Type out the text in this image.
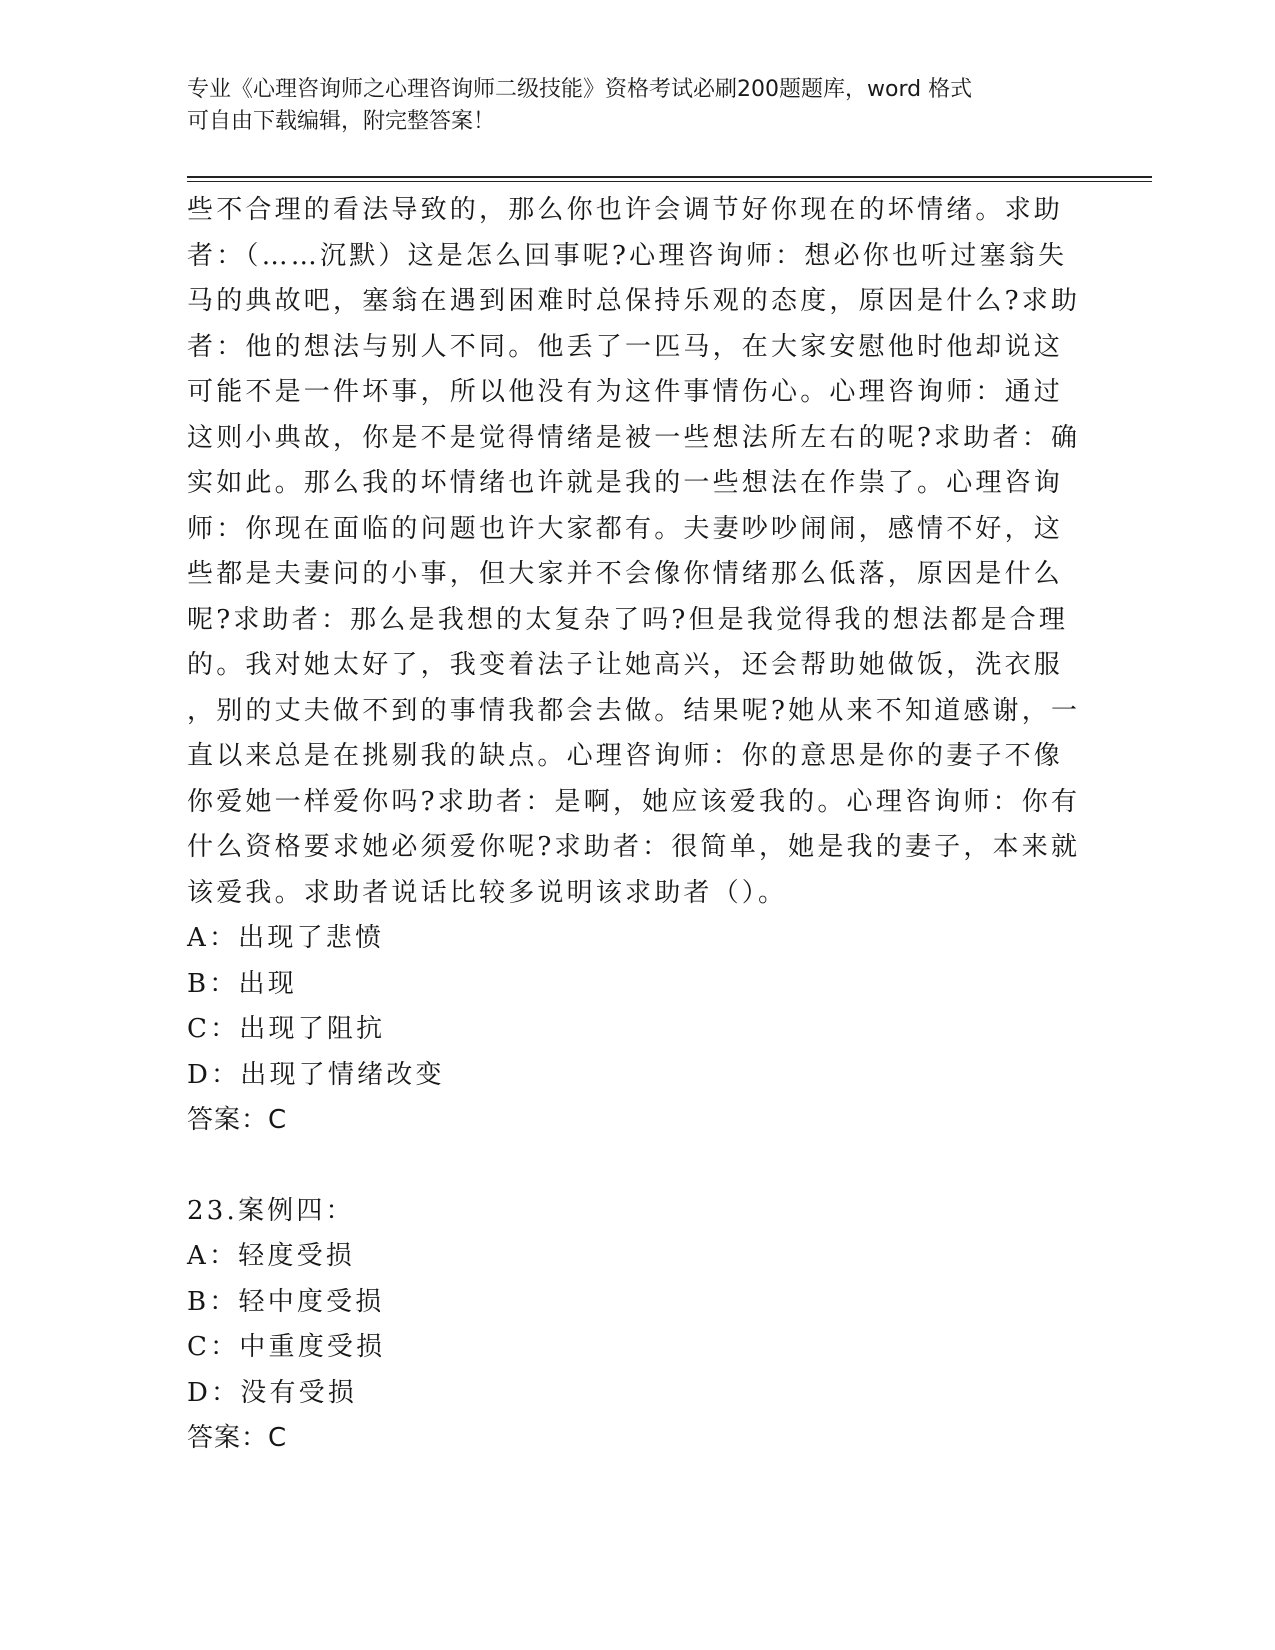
专业《心理咨询师之心理咨询师二级技能》资格考试必刷200题题库，word 格式
可自由下载编辑，附完整答案！
些不合理的看法导致的，那么你也许会调节好你现在的坏情绪。求助
者：（……沉默）这是怎么回事呢?心理咨询师：想必你也听过塞翁失
马的典故吧，塞翁在遇到困难时总保持乐观的态度，原因是什么?求助
者：他的想法与别人不同。他丢了一匹马，在大家安慰他时他却说这
可能不是一件坏事，所以他没有为这件事情伤心。心理咨询师：通过
这则小典故，你是不是觉得情绪是被一些想法所左右的呢?求助者：确
实如此。那么我的坏情绪也许就是我的一些想法在作祟了。心理咨询
师：你现在面临的问题也许大家都有。夫妻吵吵闹闹，感情不好，这
些都是夫妻问的小事，但大家并不会像你情绪那么低落，原因是什么
呢?求助者：那么是我想的太复杂了吗?但是我觉得我的想法都是合理
的。我对她太好了，我变着法子让她高兴，还会帮助她做饭，洗衣服
，别的丈夫做不到的事情我都会去做。结果呢?她从来不知道感谢，一
直以来总是在挑剔我的缺点。心理咨询师：你的意思是你的妻子不像
你爱她一样爱你吗?求助者：是啊，她应该爱我的。心理咨询师：你有
什么资格要求她必须爱你呢?求助者：很简单，她是我的妻子，本来就
该爱我。求助者说话比较多说明该求助者（）。
A：出现了悲愤
B：出现
C：出现了阻抗
D：出现了情绪改变
答案：C
23.案例四：
A：轻度受损
B：轻中度受损
C：中重度受损
D：没有受损
答案：C
